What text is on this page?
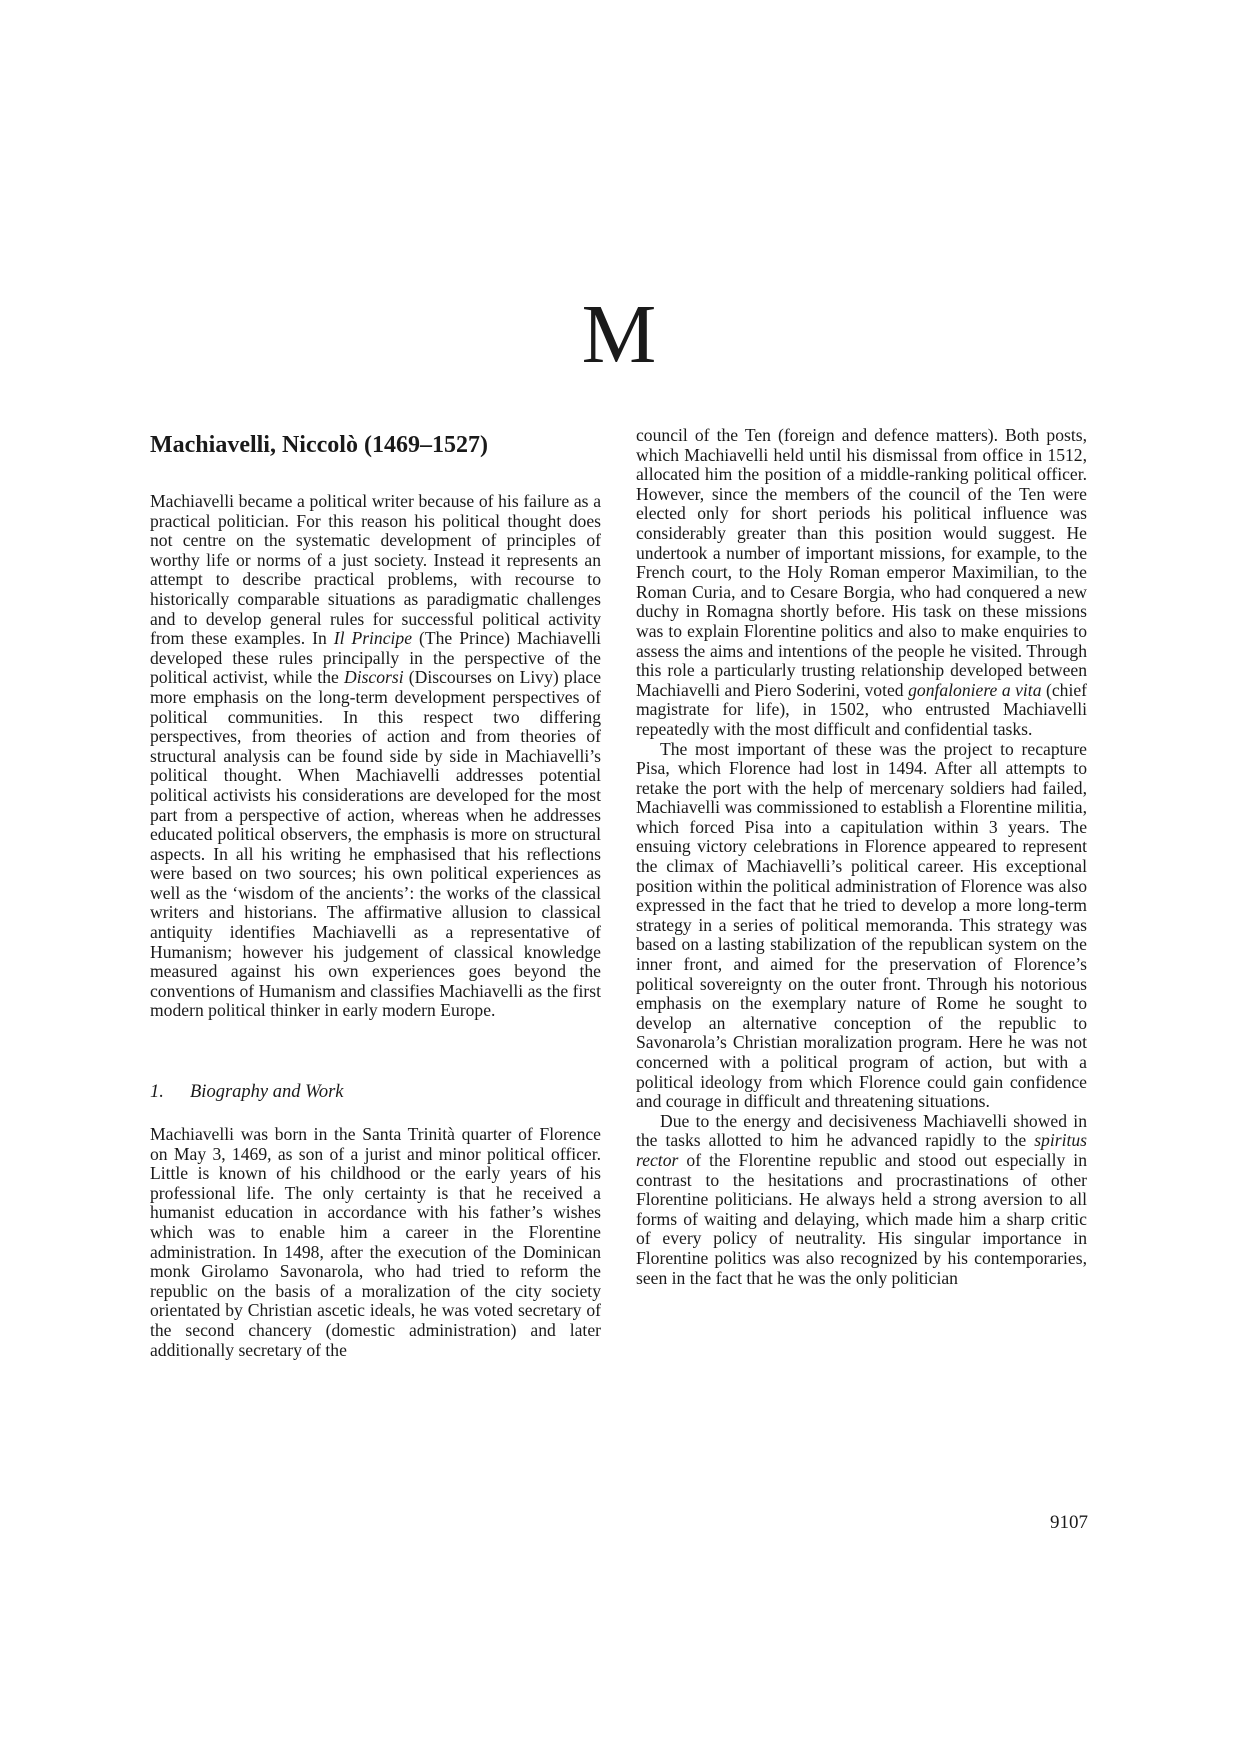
M
Machiavelli, Niccolò (1469–1527)

Machiavelli became a political writer because of his failure as a practical politician. For this reason his political thought does not centre on the systematic development of principles of worthy life or norms of a just society. Instead it represents an attempt to describe practical problems, with recourse to historically comparable situations as paradigmatic challenges and to develop general rules for successful political activity from these examples. In Il Principe (The Prince) Machiavelli developed these rules principally in the perspective of the political activist, while the Discorsi (Discourses on Livy) place more emphasis on the long-term development perspectives of political communities. In this respect two differing perspectives, from theories of action and from theories of structural analysis can be found side by side in Machiavelli’s political thought. When Machiavelli addresses potential political activists his considerations are developed for the most part from a perspective of action, whereas when he addresses educated political observers, the emphasis is more on structural aspects. In all his writing he emphasised that his reflections were based on two sources; his own political experiences as well as the ‘wisdom of the ancients’: the works of the classical writers and historians. The affirmative allusion to classical antiquity identifies Machiavelli as a representative of Humanism; however his judgement of classical knowledge measured against his own experiences goes beyond the conventions of Humanism and classifies Machiavelli as the first modern political thinker in early modern Europe.

1. Biography and Work

Machiavelli was born in the Santa Trinità quarter of Florence on May 3, 1469, as son of a jurist and minor political officer. Little is known of his childhood or the early years of his professional life. The only certainty is that he received a humanist education in accordance with his father’s wishes which was to enable him a career in the Florentine administration. In 1498, after the execution of the Dominican monk Girolamo Savonarola, who had tried to reform the republic on the basis of a moralization of the city society orientated by Christian ascetic ideals, he was voted secretary of the second chancery (domestic administration) and later additionally secretary of the

council of the Ten (foreign and defence matters). Both posts, which Machiavelli held until his dismissal from office in 1512, allocated him the position of a middle-ranking political officer. However, since the members of the council of the Ten were elected only for short periods his political influence was considerably greater than this position would suggest. He undertook a number of important missions, for example, to the French court, to the Holy Roman emperor Maximilian, to the Roman Curia, and to Cesare Borgia, who had conquered a new duchy in Romagna shortly before. His task on these missions was to explain Florentine politics and also to make enquiries to assess the aims and intentions of the people he visited. Through this role a particularly trusting relationship developed between Machiavelli and Piero Soderini, voted gonfaloniere a vita (chief magistrate for life), in 1502, who entrusted Machiavelli repeatedly with the most difficult and confidential tasks.

The most important of these was the project to recapture Pisa, which Florence had lost in 1494. After all attempts to retake the port with the help of mercenary soldiers had failed, Machiavelli was commissioned to establish a Florentine militia, which forced Pisa into a capitulation within 3 years. The ensuing victory celebrations in Florence appeared to represent the climax of Machiavelli’s political career. His exceptional position within the political administration of Florence was also expressed in the fact that he tried to develop a more long-term strategy in a series of political memoranda. This strategy was based on a lasting stabilization of the republican system on the inner front, and aimed for the preservation of Florence’s political sovereignty on the outer front. Through his notorious emphasis on the exemplary nature of Rome he sought to develop an alternative conception of the republic to Savonarola’s Christian moralization program. Here he was not concerned with a political program of action, but with a political ideology from which Florence could gain confidence and courage in difficult and threatening situations.

Due to the energy and decisiveness Machiavelli showed in the tasks allotted to him he advanced rapidly to the spiritus rector of the Florentine republic and stood out especially in contrast to the hesitations and procrastinations of other Florentine politicians. He always held a strong aversion to all forms of waiting and delaying, which made him a sharp critic of every policy of neutrality. His singular importance in Florentine politics was also recognized by his contemporaries, seen in the fact that he was the only politician

9107
